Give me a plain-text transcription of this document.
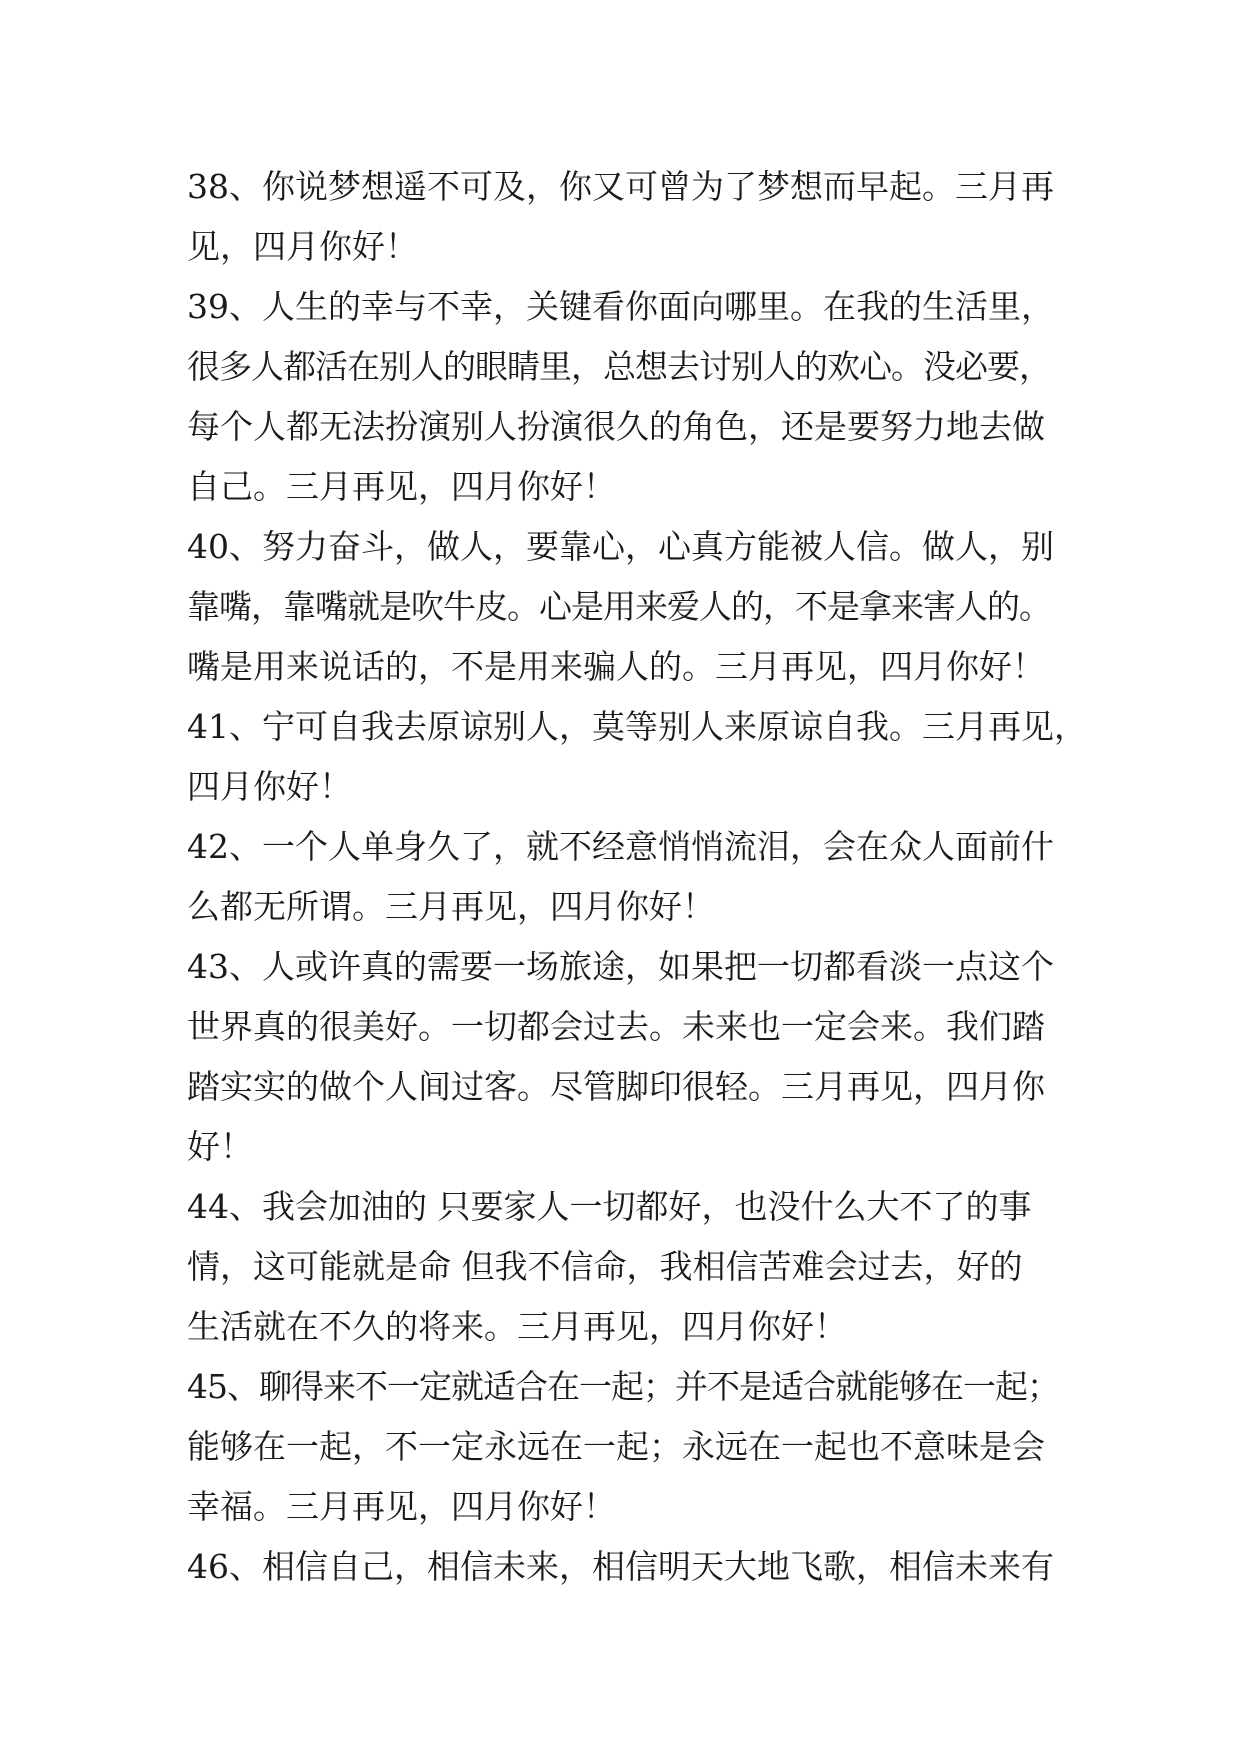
38、你说梦想遥不可及，你又可曾为了梦想而早起。三月再
见，四月你好！
39、人生的幸与不幸，关键看你面向哪里。在我的生活里，
很多人都活在别人的眼睛里，总想去讨别人的欢心。没必要，
每个人都无法扮演别人扮演很久的角色，还是要努力地去做
自己。三月再见，四月你好！
40、努力奋斗，做人，要靠心，心真方能被人信。做人，别
靠嘴，靠嘴就是吹牛皮。心是用来爱人的，不是拿来害人的。
嘴是用来说话的，不是用来骗人的。三月再见，四月你好！
41、宁可自我去原谅别人，莫等别人来原谅自我。三月再见，
四月你好！
42、一个人单身久了，就不经意悄悄流泪，会在众人面前什
么都无所谓。三月再见，四月你好！
43、人或许真的需要一场旅途，如果把一切都看淡一点这个
世界真的很美好。一切都会过去。未来也一定会来。我们踏
踏实实的做个人间过客。尽管脚印很轻。三月再见，四月你
好！
44、我会加油的 只要家人一切都好，也没什么大不了的事
情，这可能就是命 但我不信命，我相信苦难会过去，好的
生活就在不久的将来。三月再见，四月你好！
45、聊得来不一定就适合在一起；并不是适合就能够在一起；
能够在一起，不一定永远在一起；永远在一起也不意味是会
幸福。三月再见，四月你好！
46、相信自己，相信未来，相信明天大地飞歌，相信未来有
